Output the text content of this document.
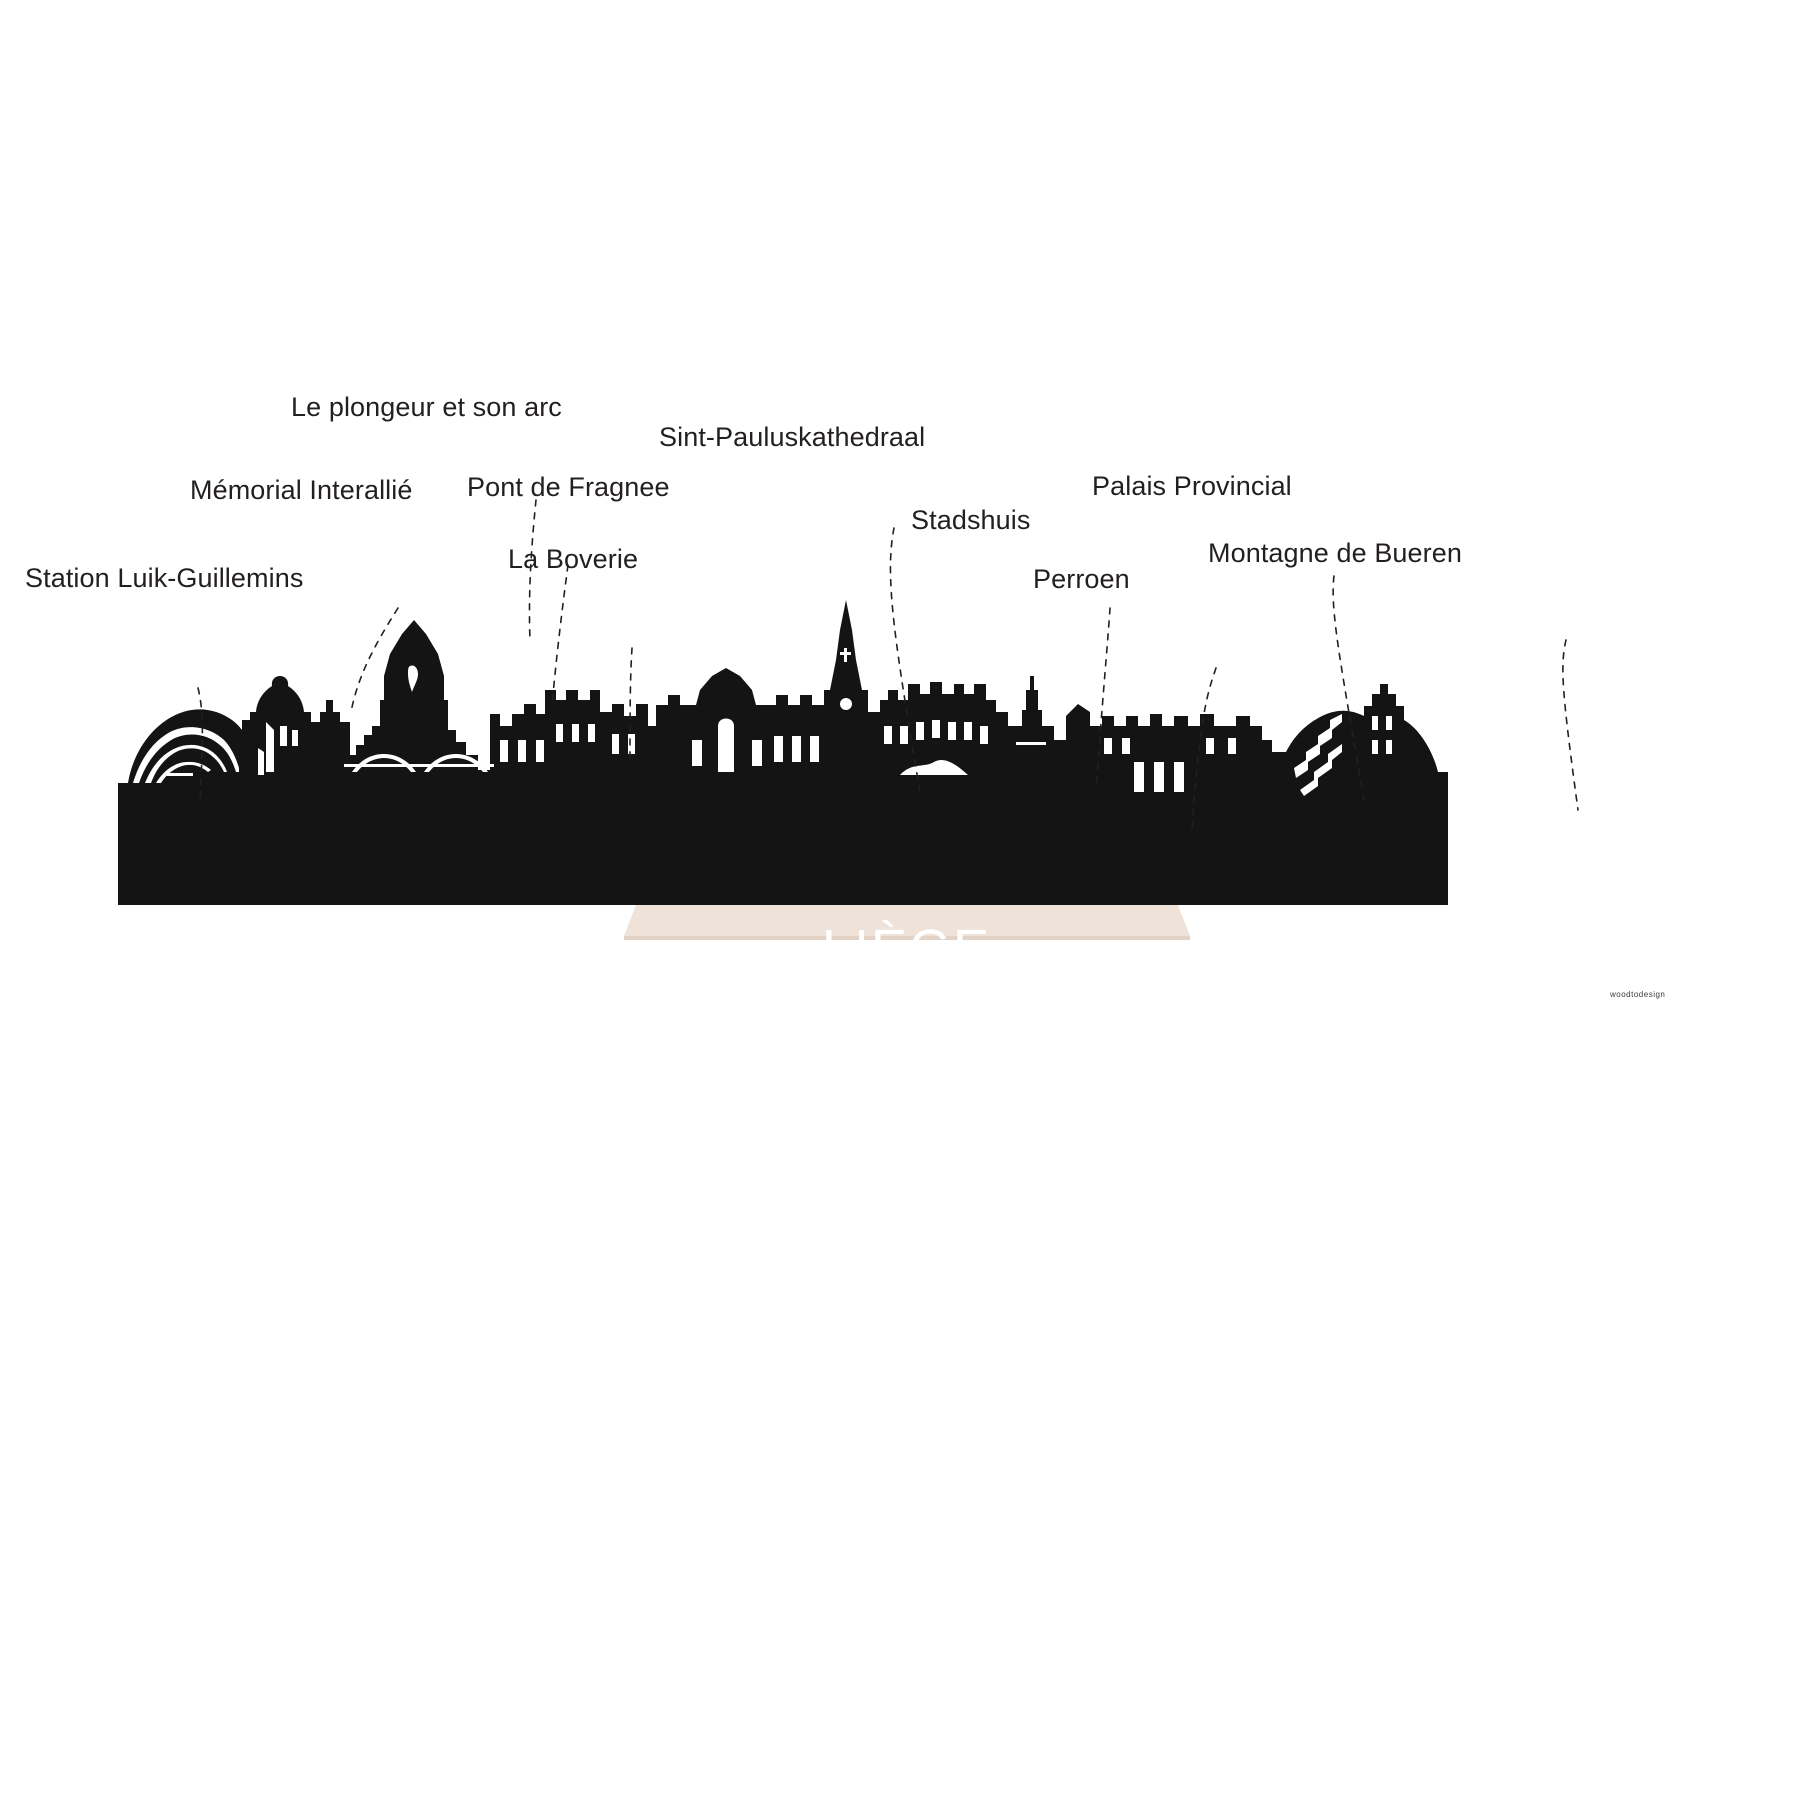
LIÈGE
woodtodesign
Station Luik-Guillemins
Mémorial Interallié
Le plongeur et son arc
Pont de Fragnee
La Boverie
Sint-Pauluskathedraal
Stadshuis
Perroen
Palais Provincial
Montagne de Bueren
